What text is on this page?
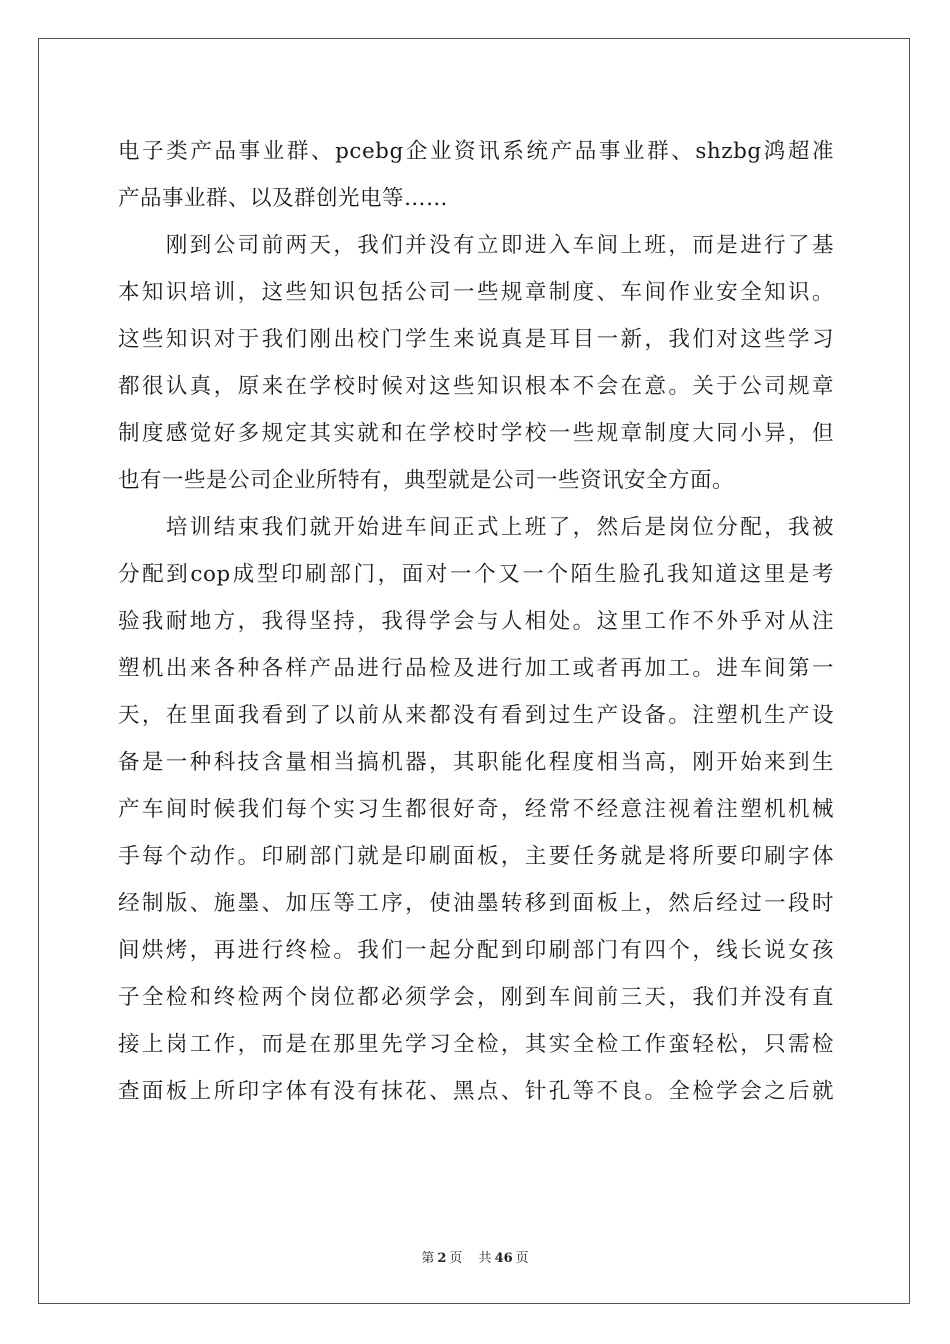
电子类产品事业群、pcebg企业资讯系统产品事业群、shzbg鸿超准
产品事业群、以及群创光电等……
　　刚到公司前两天，我们并没有立即进入车间上班，而是进行了基
本知识培训，这些知识包括公司一些规章制度、车间作业安全知识。
这些知识对于我们刚出校门学生来说真是耳目一新，我们对这些学习
都很认真，原来在学校时候对这些知识根本不会在意。关于公司规章
制度感觉好多规定其实就和在学校时学校一些规章制度大同小异，但
也有一些是公司企业所特有，典型就是公司一些资讯安全方面。
　　培训结束我们就开始进车间正式上班了，然后是岗位分配，我被
分配到cop成型印刷部门，面对一个又一个陌生脸孔我知道这里是考
验我耐地方，我得坚持，我得学会与人相处。这里工作不外乎对从注
塑机出来各种各样产品进行品检及进行加工或者再加工。进车间第一
天，在里面我看到了以前从来都没有看到过生产设备。注塑机生产设
备是一种科技含量相当搞机器，其职能化程度相当高，刚开始来到生
产车间时候我们每个实习生都很好奇，经常不经意注视着注塑机机械
手每个动作。印刷部门就是印刷面板，主要任务就是将所要印刷字体
经制版、施墨、加压等工序，使油墨转移到面板上，然后经过一段时
间烘烤，再进行终检。我们一起分配到印刷部门有四个，线长说女孩
子全检和终检两个岗位都必须学会，刚到车间前三天，我们并没有直
接上岗工作，而是在那里先学习全检，其实全检工作蛮轻松，只需检
查面板上所印字体有没有抹花、黑点、针孔等不良。全检学会之后就
第 2 页 共 46 页
